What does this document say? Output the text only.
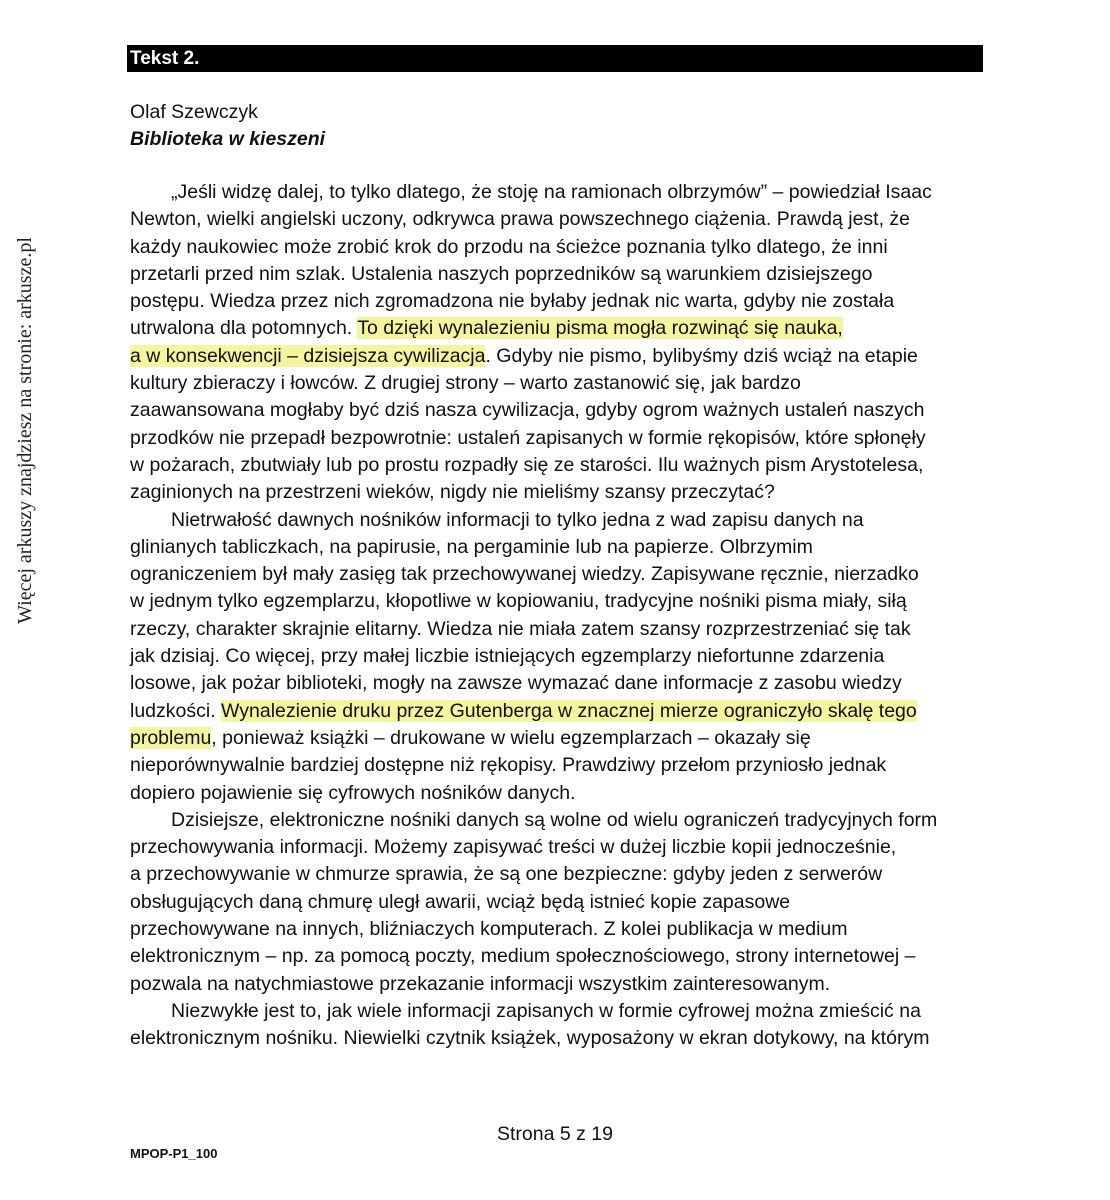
Więcej arkuszy znajdziesz na stronie: arkusze.pl
Tekst 2.
Olaf Szewczyk
Biblioteka w kieszeni
„Jeśli widzę dalej, to tylko dlatego, że stoję na ramionach olbrzymów” – powiedział Isaac
Newton, wielki angielski uczony, odkrywca prawa powszechnego ciążenia. Prawdą jest, że
każdy naukowiec może zrobić krok do przodu na ścieżce poznania tylko dlatego, że inni
przetarli przed nim szlak. Ustalenia naszych poprzedników są warunkiem dzisiejszego
postępu. Wiedza przez nich zgromadzona nie byłaby jednak nic warta, gdyby nie została
utrwalona dla potomnych. To dzięki wynalezieniu pisma mogła rozwinąć się nauka,
a w konsekwencji – dzisiejsza cywilizacja. Gdyby nie pismo, bylibyśmy dziś wciąż na etapie
kultury zbieraczy i łowców. Z drugiej strony – warto zastanowić się, jak bardzo
zaawansowana mogłaby być dziś nasza cywilizacja, gdyby ogrom ważnych ustaleń naszych
przodków nie przepadł bezpowrotnie: ustaleń zapisanych w formie rękopisów, które spłonęły
w pożarach, zbutwiały lub po prostu rozpadły się ze starości. Ilu ważnych pism Arystotelesa,
zaginionych na przestrzeni wieków, nigdy nie mieliśmy szansy przeczytać?
Nietrwałość dawnych nośników informacji to tylko jedna z wad zapisu danych na
glinianych tabliczkach, na papirusie, na pergaminie lub na papierze. Olbrzymim
ograniczeniem był mały zasięg tak przechowywanej wiedzy. Zapisywane ręcznie, nierzadko
w jednym tylko egzemplarzu, kłopotliwe w kopiowaniu, tradycyjne nośniki pisma miały, siłą
rzeczy, charakter skrajnie elitarny. Wiedza nie miała zatem szansy rozprzestrzeniać się tak
jak dzisiaj. Co więcej, przy małej liczbie istniejących egzemplarzy niefortunne zdarzenia
losowe, jak pożar biblioteki, mogły na zawsze wymazać dane informacje z zasobu wiedzy
ludzkości. Wynalezienie druku przez Gutenberga w znacznej mierze ograniczyło skalę tego
problemu, ponieważ książki – drukowane w wielu egzemplarzach – okazały się
nieporównywalnie bardziej dostępne niż rękopisy. Prawdziwy przełom przyniosło jednak
dopiero pojawienie się cyfrowych nośników danych.
Dzisiejsze, elektroniczne nośniki danych są wolne od wielu ograniczeń tradycyjnych form
przechowywania informacji. Możemy zapisywać treści w dużej liczbie kopii jednocześnie,
a przechowywanie w chmurze sprawia, że są one bezpieczne: gdyby jeden z serwerów
obsługujących daną chmurę uległ awarii, wciąż będą istnieć kopie zapasowe
przechowywane na innych, bliźniaczych komputerach. Z kolei publikacja w medium
elektronicznym – np. za pomocą poczty, medium społecznościowego, strony internetowej –
pozwala na natychmiastowe przekazanie informacji wszystkim zainteresowanym.
Niezwykłe jest to, jak wiele informacji zapisanych w formie cyfrowej można zmieścić na
elektronicznym nośniku. Niewielki czytnik książek, wyposażony w ekran dotykowy, na którym
Strona 5 z 19
MPOP-P1_100
